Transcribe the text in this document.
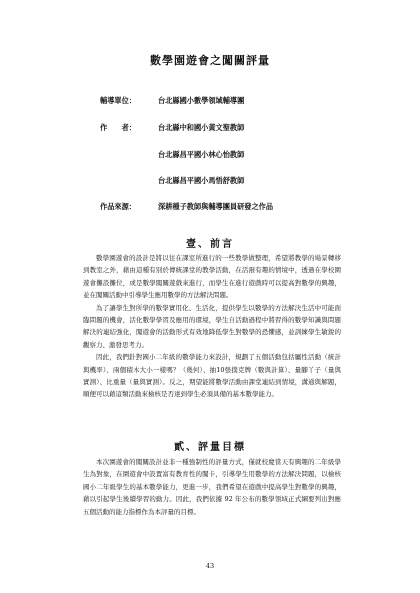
數學園遊會之闖關評量
輔導單位：	台北縣國小數學領域輔導團
作　　者：	台北縣中和國小黃文聖教師
台北縣昌平國小林心怡教師
台北縣昌平國小馬悟舒教師
作品來源：	深耕種子教師與輔導團員研發之作品
壹、前言

數學園遊會的設計是將以往在課室所進行的一些教學做整理，希望將教學的場景轉移到教室之外，藉由這種有別於傳統課堂的教學活動，在活潑有趣的情境中，透過在學校園遊會攤設攤位，或是數學闖關遊戲來進行，而學生在進行遊戲時可以提高對數學的興趣，並在闖關活動中引導學生應用數學的方法解決問題。

為了讓學生對所學的數學實用化、生活化，提供學生以數學的方法解決生活中可能面臨問題的機會，活化數學學習及應用的環境，學生自活動過程中將習得的數學知識與問題解決的連結強化，闖遊會的活動形式有效地降低學生對數學的恐懼感，並訓練學生敏銳的觀察力、激發思考力。

因此，我們針對國小二年級的數學能力來設計，規劃了五個活動包括屬性活動（統計與機率）、兩個積木大小一樣嗎？（幾何）、抽10張撲克牌（數與計算）、量腳丫子（量與實測）、比重量（量與實測）。反之，期望能將數學活動由課堂連結到情境，溝通與解題，順便可以藉這類活動來檢核是否達到學生必須具備的基本數學能力。

貳、評量目標

本次園遊會的闖關設計並非一種強制性的評量方式，僅就校慶當天有興趣的二年級學生為對象，在園遊會中設置富有教育性的闖卡，引導學生用數學的方法解決問題，以檢核國小二年級學生的基本數學能力，更進一步，我們希望在遊戲中提高學生對數學的興趣，藉以引起學生後續學習的動力。因此，我們依據 92 年公布的數學領域正式綱要列出對應五個活動的能力指標作為本評量的目標。

43
